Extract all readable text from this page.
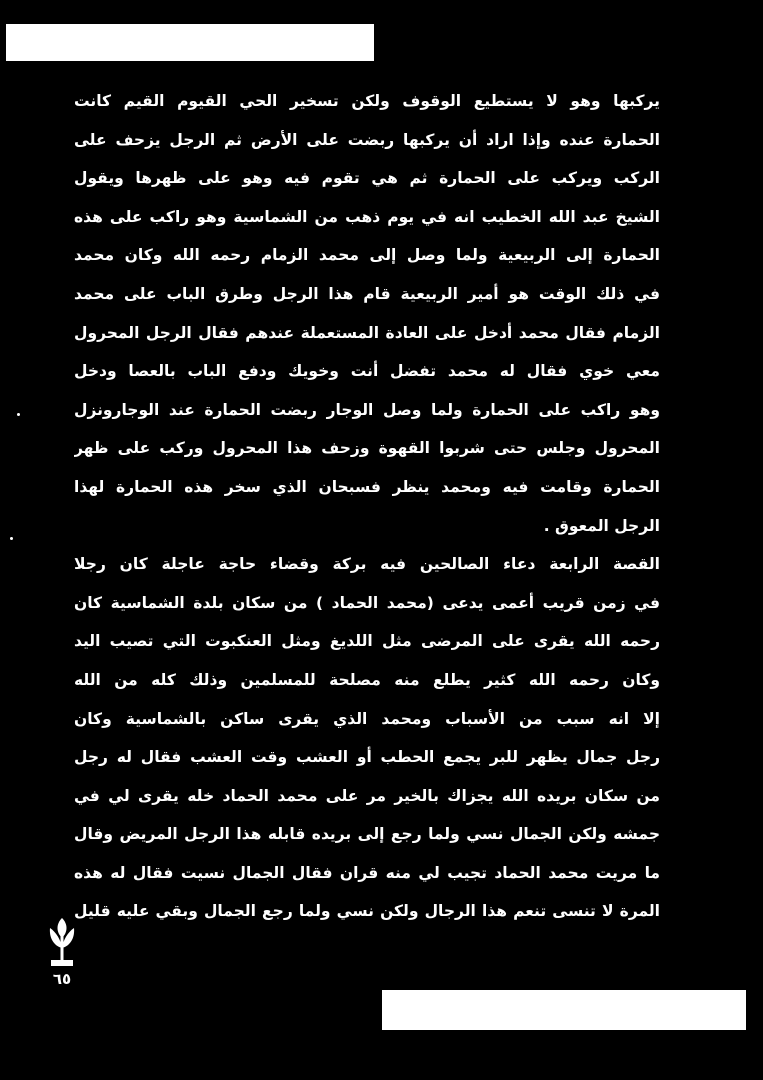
يركبها وهو لا يستطيع الوقوف ولكن تسخير الحي القيوم القيم كانت
الحمارة عنده وإذا اراد أن يركبها ربضت على الأرض ثم الرجل يزحف على
الركب ويركب على الحمارة ثم هي تقوم فيه وهو على ظهرها ويقول
الشيخ عبد الله الخطيب انه في يوم ذهب من الشماسية وهو راكب على هذه
الحمارة إلى الربيعية ولما وصل إلى محمد الزمام رحمه الله وكان محمد
في ذلك الوقت هو أمير الربيعية قام هذا الرجل وطرق الباب على محمد
الزمام فقال محمد أدخل على العادة المستعملة عندهم فقال الرجل المحرول
معي خوي فقال له محمد تفضل أنت وخويك ودفع الباب بالعصا ودخل
وهو راكب على الحمارة ولما وصل الوجار ربضت الحمارة عند الوجارونزل
المحرول وجلس حتى شربوا القهوة وزحف هذا المحرول وركب على ظهر
الحمارة وقامت فيه ومحمد ينظر فسبحان الذي سخر هذه الحمارة لهذا
الرجل المعوق .
القصة الرابعة دعاء الصالحين فيه بركة وقضاء حاجة عاجلة كان رجلا
في زمن قريب أعمى يدعى (محمد الحماد ) من سكان بلدة الشماسية كان
رحمه الله يقرى على المرضى مثل اللديغ ومثل العنكبوت التي تصيب اليد
وكان رحمه الله كثير يطلع منه مصلحة للمسلمين وذلك كله من الله
إلا انه سبب من الأسباب ومحمد الذي يقرى ساكن بالشماسية وكان
رجل جمال يظهر للبر يجمع الحطب أو العشب وقت العشب فقال له رجل
من سكان بريده الله يجزاك بالخير مر على محمد الحماد خله يقرى لي في
جمشه ولكن الجمال نسي ولما رجع إلى بريده قابله هذا الرجل المريض وقال
ما مريت محمد الحماد تجيب لي منه قران فقال الجمال نسيت فقال له هذه
المرة لا تنسى تنعم هذا الرجال ولكن نسي ولما رجع الجمال وبقي عليه قليل
٦٥
